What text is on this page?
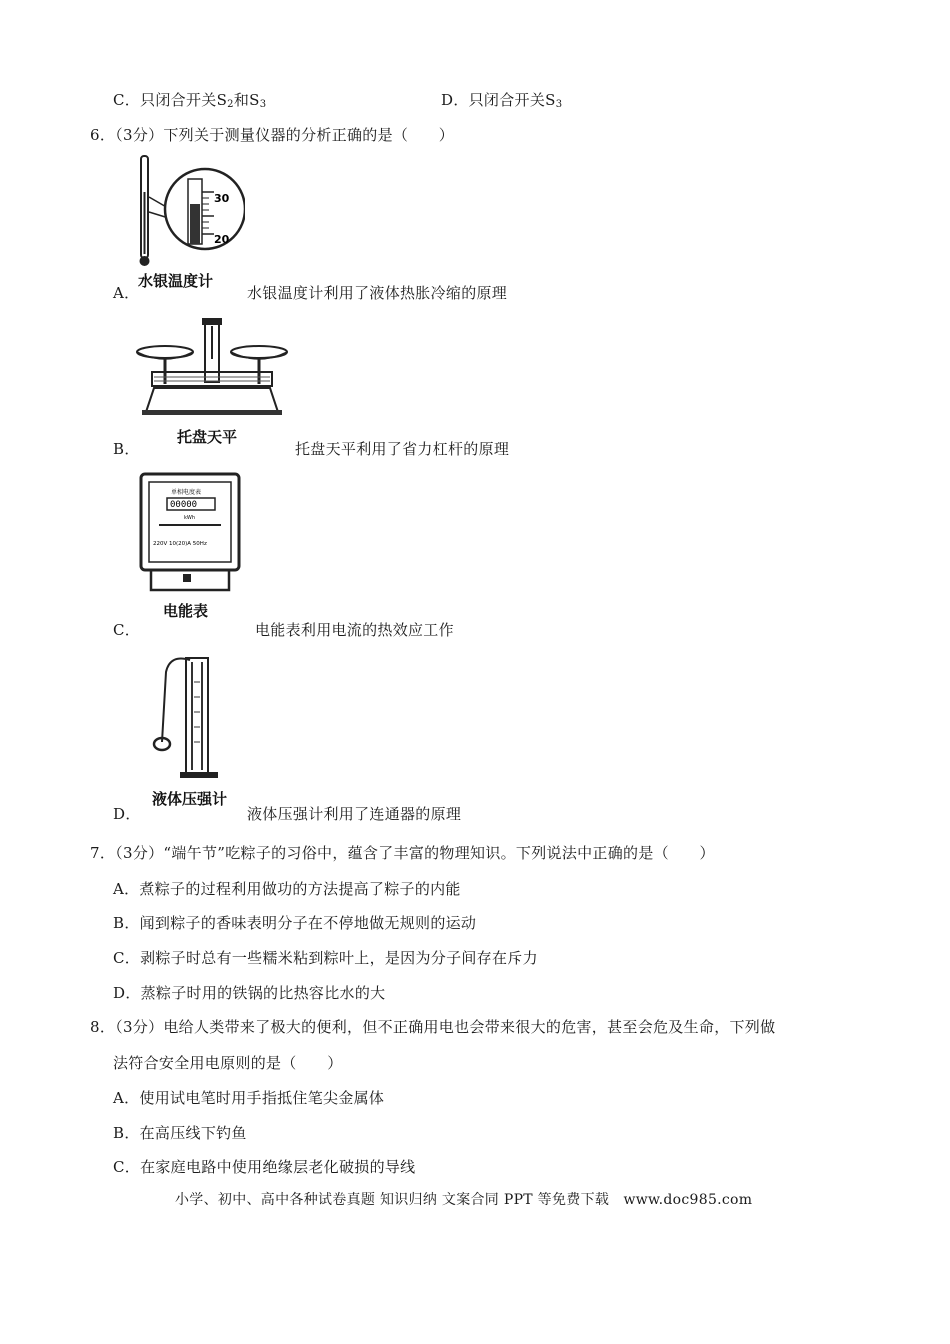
C．只闭合开关$S_2$和$S_3$	D．只闭合开关$S_3$
6．（3分）下列关于测量仪器的分析正确的是（　　）
30
20
水银温度计
A．	水银温度计利用了液体热胀冷缩的原理
托盘天平
B．	托盘天平利用了省力杠杆的原理
单相电度表
00000
kWh
220V 10(20)A 50Hz
电能表
C．	电能表利用电流的热效应工作
液体压强计
D．	液体压强计利用了连通器的原理
7．（3分）“端午节”吃粽子的习俗中，蕴含了丰富的物理知识。下列说法中正确的是（　　）
A．煮粽子的过程利用做功的方法提高了粽子的内能
B．闻到粽子的香味表明分子在不停地做无规则的运动
C．剥粽子时总有一些糯米粘到粽叶上，是因为分子间存在斥力
D．蒸粽子时用的铁锅的比热容比水的大
8．（3分）电给人类带来了极大的便利，但不正确用电也会带来很大的危害，甚至会危及生命，下列做
法符合安全用电原则的是（　　）
A．使用试电笔时用手指抵住笔尖金属体
B．在高压线下钓鱼
C．在家庭电路中使用绝缘层老化破损的导线
小学、初中、高中各种试卷真题 知识归纳 文案合同 PPT 等免费下载　www.doc985.com
